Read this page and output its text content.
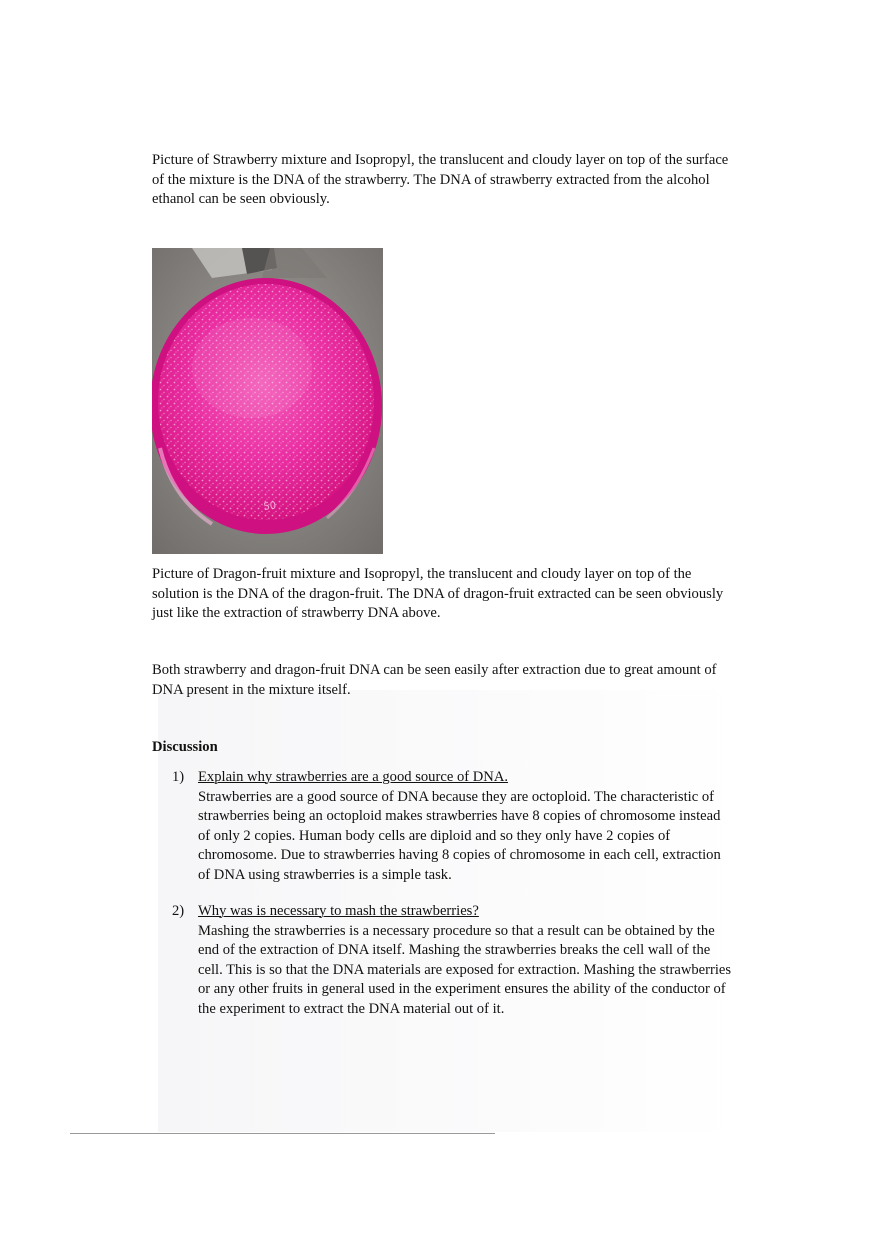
Picture of Strawberry mixture and Isopropyl, the translucent and cloudy layer on top of the surface of the mixture is the DNA of the strawberry. The DNA of strawberry extracted from the alcohol ethanol can be seen obviously.

50

Picture of Dragon-fruit mixture and Isopropyl, the translucent and cloudy layer on top of the solution is the DNA of the dragon-fruit. The DNA of dragon-fruit extracted can be seen obviously just like the extraction of strawberry DNA above.

Both strawberry and dragon-fruit DNA can be seen easily after extraction due to great amount of DNA present in the mixture itself.

Discussion
1) Explain why strawberries are a good source of DNA.

Strawberries are a good source of DNA because they are octoploid. The characteristic of strawberries being an octoploid makes strawberries have 8 copies of chromosome instead of only 2 copies. Human body cells are diploid and so they only have 2 copies of chromosome. Due to strawberries having 8 copies of chromosome in each cell, extraction of DNA using strawberries is a simple task.

2) Why was is necessary to mash the strawberries?

Mashing the strawberries is a necessary procedure so that a result can be obtained by the end of the extraction of DNA itself. Mashing the strawberries breaks the cell wall of the cell. This is so that the DNA materials are exposed for extraction. Mashing the strawberries or any other fruits in general used in the experiment ensures the ability of the conductor of the experiment to extract the DNA material out of it.
